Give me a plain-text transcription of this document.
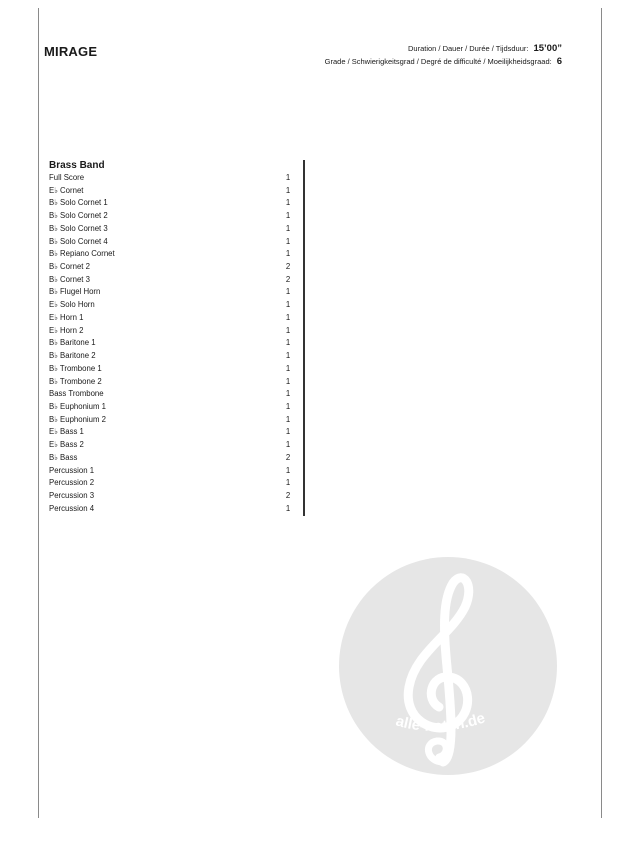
MIRAGE	Duration / Dauer / Durée / Tijdsduur: 15’00”
Grade / Schwierigkeitsgrad / Degré de difficulté / Moeilijkheidsgraad: 6
Brass Band
Full Score	1
E♭ Cornet	1
B♭ Solo Cornet 1	1
B♭ Solo Cornet 2	1
B♭ Solo Cornet 3	1
B♭ Solo Cornet 4	1
B♭ Repiano Cornet	1
B♭ Cornet 2	2
B♭ Cornet 3	2
B♭ Flugel Horn	1
E♭ Solo Horn	1
E♭ Horn 1	1
E♭ Horn 2	1
B♭ Baritone 1	1
B♭ Baritone 2	1
B♭ Trombone 1	1
B♭ Trombone 2	1
Bass Trombone	1
B♭ Euphonium 1	1
B♭ Euphonium 2	1
E♭ Bass 1	1
E♭ Bass 2	1
B♭ Bass	2
Percussion 1	1
Percussion 2	1
Percussion 3	2
Percussion 4	1
alle-noten.de
